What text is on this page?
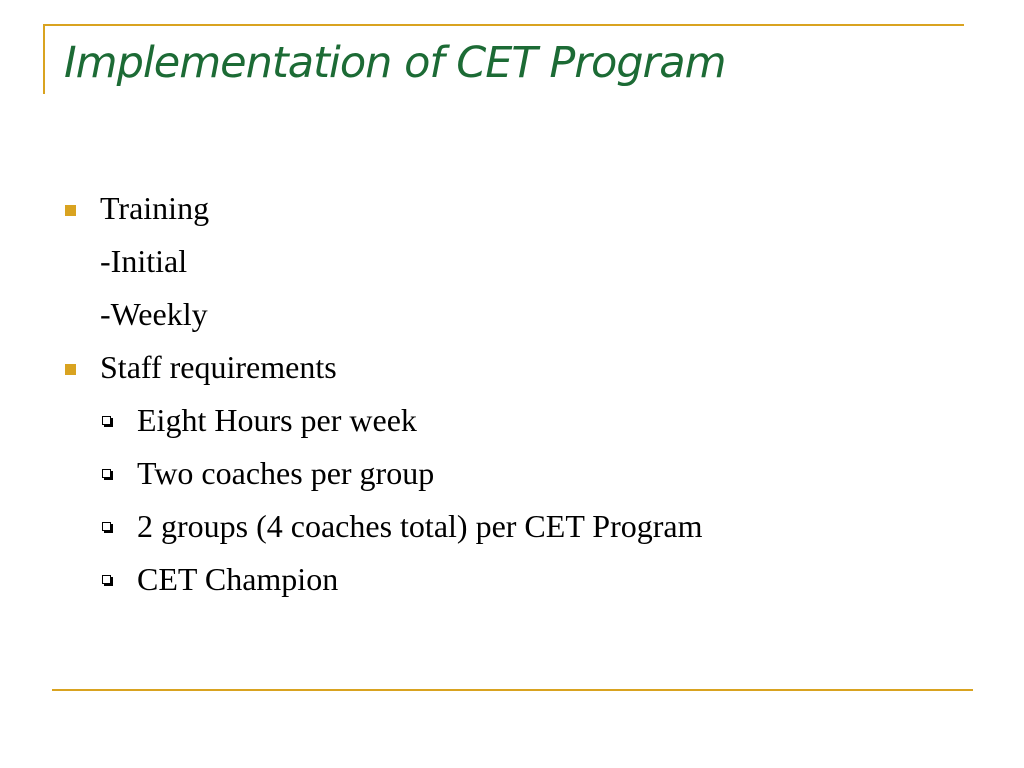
Implementation of CET Program
Training
-Initial
-Weekly
Staff requirements
Eight Hours per week
Two coaches per group
2 groups (4 coaches total) per CET Program
CET Champion
